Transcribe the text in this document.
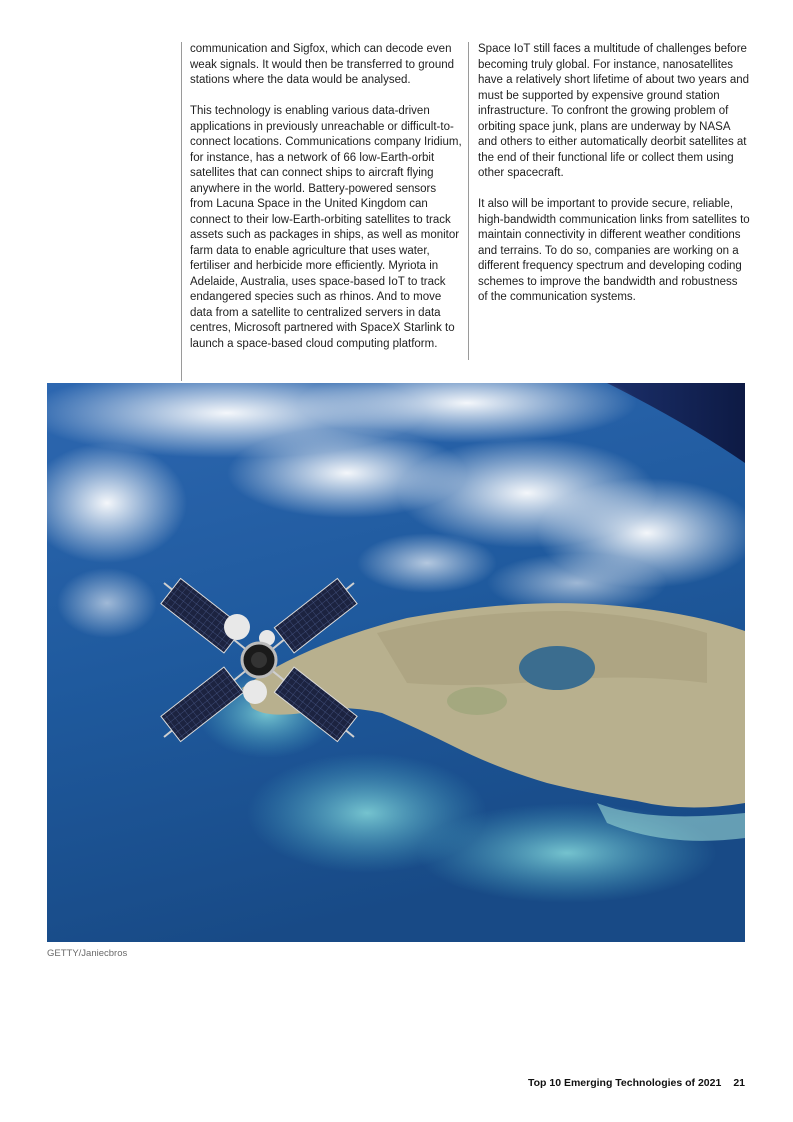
communication and Sigfox, which can decode even weak signals. It would then be transferred to ground stations where the data would be analysed.

This technology is enabling various data-driven applications in previously unreachable or difficult-to-connect locations. Communications company Iridium, for instance, has a network of 66 low-Earth-orbit satellites that can connect ships to aircraft flying anywhere in the world. Battery-powered sensors from Lacuna Space in the United Kingdom can connect to their low-Earth-orbiting satellites to track assets such as packages in ships, as well as monitor farm data to enable agriculture that uses water, fertiliser and herbicide more efficiently. Myriota in Adelaide, Australia, uses space-based IoT to track endangered species such as rhinos. And to move data from a satellite to centralized servers in data centres, Microsoft partnered with SpaceX Starlink to launch a space-based cloud computing platform.

Space IoT still faces a multitude of challenges before becoming truly global. For instance, nanosatellites have a relatively short lifetime of about two years and must be supported by expensive ground station infrastructure. To confront the growing problem of orbiting space junk, plans are underway by NASA and others to either automatically deorbit satellites at the end of their functional life or collect them using other spacecraft.

It also will be important to provide secure, reliable, high-bandwidth communication links from satellites to maintain connectivity in different weather conditions and terrains. To do so, companies are working on a different frequency spectrum and developing coding schemes to improve the bandwidth and robustness of the communication systems.

GETTY/Janiecbros
Top 10 Emerging Technologies of 2021 21
